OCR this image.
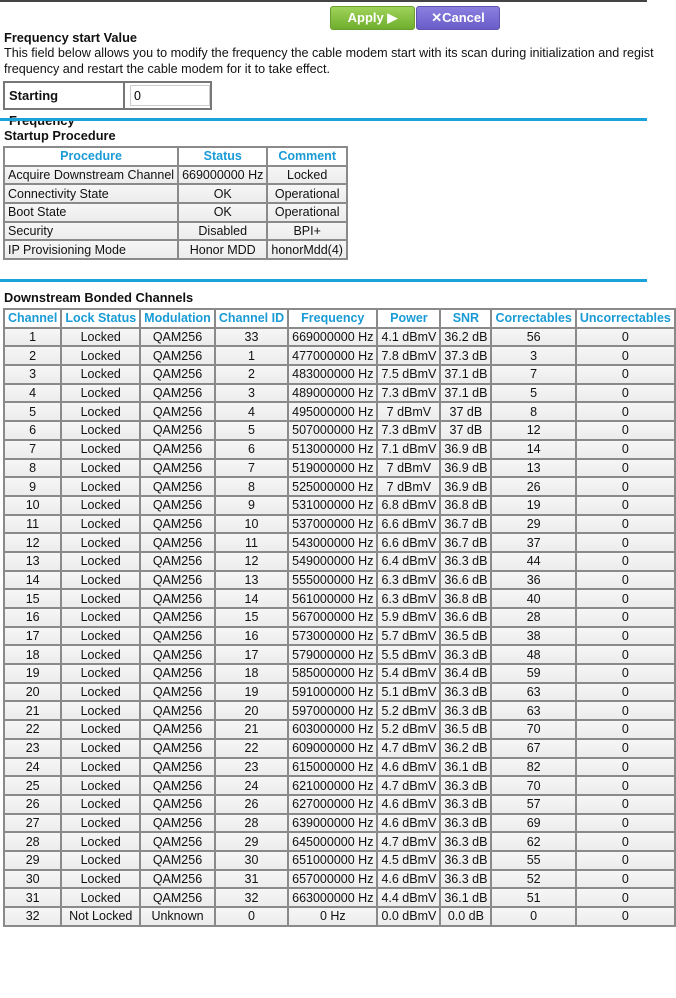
Apply ▶	✕Cancel
Frequency start Value
This field below allows you to modify the frequency the cable modem start with its scan during initialization and regist
frequency and restart the cable modem for it to take effect.
Starting
0
Startup Procedure
Procedure	Status	Comment
Acquire Downstream Channel	669000000 Hz	Locked
Connectivity State	OK	Operational
Boot State	OK	Operational
Security	Disabled	BPI+
IP Provisioning Mode	Honor MDD	honorMdd(4)
Downstream Bonded Channels
Channel	Lock Status	Modulation	Channel ID	Frequency	Power	SNR	Correctables	Uncorrectables
1	Locked	QAM256	33	669000000 Hz	4.1 dBmV	36.2 dB	56	0
2	Locked	QAM256	1	477000000 Hz	7.8 dBmV	37.3 dB	3	0
3	Locked	QAM256	2	483000000 Hz	7.5 dBmV	37.1 dB	7	0
4	Locked	QAM256	3	489000000 Hz	7.3 dBmV	37.1 dB	5	0
5	Locked	QAM256	4	495000000 Hz	7 dBmV	37 dB	8	0
6	Locked	QAM256	5	507000000 Hz	7.3 dBmV	37 dB	12	0
7	Locked	QAM256	6	513000000 Hz	7.1 dBmV	36.9 dB	14	0
8	Locked	QAM256	7	519000000 Hz	7 dBmV	36.9 dB	13	0
9	Locked	QAM256	8	525000000 Hz	7 dBmV	36.9 dB	26	0
10	Locked	QAM256	9	531000000 Hz	6.8 dBmV	36.8 dB	19	0
11	Locked	QAM256	10	537000000 Hz	6.6 dBmV	36.7 dB	29	0
12	Locked	QAM256	11	543000000 Hz	6.6 dBmV	36.7 dB	37	0
13	Locked	QAM256	12	549000000 Hz	6.4 dBmV	36.3 dB	44	0
14	Locked	QAM256	13	555000000 Hz	6.3 dBmV	36.6 dB	36	0
15	Locked	QAM256	14	561000000 Hz	6.3 dBmV	36.8 dB	40	0
16	Locked	QAM256	15	567000000 Hz	5.9 dBmV	36.6 dB	28	0
17	Locked	QAM256	16	573000000 Hz	5.7 dBmV	36.5 dB	38	0
18	Locked	QAM256	17	579000000 Hz	5.5 dBmV	36.3 dB	48	0
19	Locked	QAM256	18	585000000 Hz	5.4 dBmV	36.4 dB	59	0
20	Locked	QAM256	19	591000000 Hz	5.1 dBmV	36.3 dB	63	0
21	Locked	QAM256	20	597000000 Hz	5.2 dBmV	36.3 dB	63	0
22	Locked	QAM256	21	603000000 Hz	5.2 dBmV	36.5 dB	70	0
23	Locked	QAM256	22	609000000 Hz	4.7 dBmV	36.2 dB	67	0
24	Locked	QAM256	23	615000000 Hz	4.6 dBmV	36.1 dB	82	0
25	Locked	QAM256	24	621000000 Hz	4.7 dBmV	36.3 dB	70	0
26	Locked	QAM256	26	627000000 Hz	4.6 dBmV	36.3 dB	57	0
27	Locked	QAM256	28	639000000 Hz	4.6 dBmV	36.3 dB	69	0
28	Locked	QAM256	29	645000000 Hz	4.7 dBmV	36.3 dB	62	0
29	Locked	QAM256	30	651000000 Hz	4.5 dBmV	36.3 dB	55	0
30	Locked	QAM256	31	657000000 Hz	4.6 dBmV	36.3 dB	52	0
31	Locked	QAM256	32	663000000 Hz	4.4 dBmV	36.1 dB	51	0
32	Not Locked	Unknown	0	0 Hz	0.0 dBmV	0.0 dB	0	0
